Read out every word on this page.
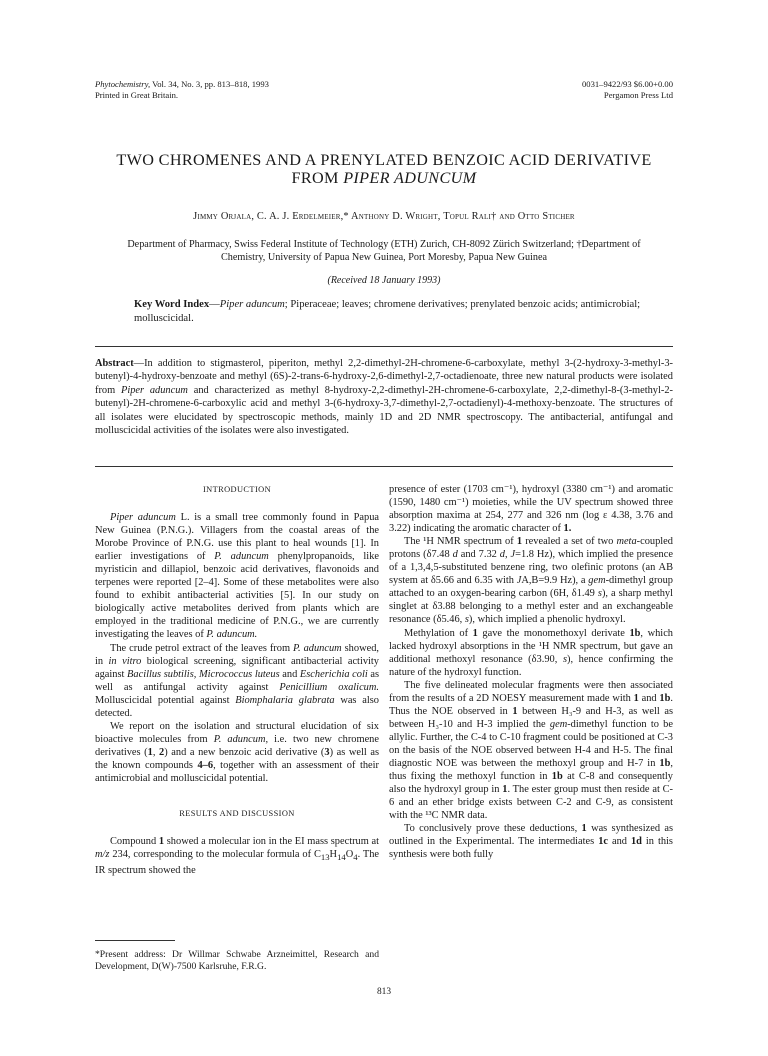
Phytochemistry, Vol. 34, No. 3, pp. 813–818, 1993
Printed in Great Britain.
0031–9422/93 $6.00+0.00
Pergamon Press Ltd
TWO CHROMENES AND A PRENYLATED BENZOIC ACID DERIVATIVE
FROM PIPER ADUNCUM
Jimmy Orjala, C. A. J. Erdelmeier,* Anthony D. Wright, Topul Rali† and Otto Sticher
Department of Pharmacy, Swiss Federal Institute of Technology (ETH) Zurich, CH-8092 Zürich Switzerland; †Department of
Chemistry, University of Papua New Guinea, Port Moresby, Papua New Guinea
(Received 18 January 1993)
Key Word Index—Piper aduncum; Piperaceae; leaves; chromene derivatives; prenylated benzoic acids; antimicrobial; molluscicidal.
Abstract—In addition to stigmasterol, piperiton, methyl 2,2-dimethyl-2H-chromene-6-carboxylate, methyl 3-(2-hydroxy-3-methyl-3-butenyl)-4-hydroxy-benzoate and methyl (6S)-2-trans-6-hydroxy-2,6-dimethyl-2,7-octadienoate, three new natural products were isolated from Piper aduncum and characterized as methyl 8-hydroxy-2,2-dimethyl-2H-chromene-6-carboxylate, 2,2-dimethyl-8-(3-methyl-2-butenyl)-2H-chromene-6-carboxylic acid and methyl 3-(6-hydroxy-3,7-dimethyl-2,7-octadienyl)-4-methoxy-benzoate. The structures of all isolates were elucidated by spectroscopic methods, mainly 1D and 2D NMR spectroscopy. The antibacterial, antifungal and molluscicidal activities of the isolates were also investigated.
INTRODUCTION

Piper aduncum L. is a small tree commonly found in Papua New Guinea (P.N.G.). Villagers from the coastal areas of the Morobe Province of P.N.G. use this plant to heal wounds [1]. In earlier investigations of P. aduncum phenylpropanoids, like myristicin and dillapiol, benzoic acid derivatives, flavonoids and terpenes were reported [2–4]. Some of these metabolites were also found to exhibit antibacterial activities [5]. In our study on biologically active metabolites derived from plants which are employed in the traditional medicine of P.N.G., we are currently investigating the leaves of P. aduncum.

The crude petrol extract of the leaves from P. aduncum showed, in in vitro biological screening, significant antibacterial activity against Bacillus subtilis, Micrococcus luteus and Escherichia coli as well as antifungal activity against Penicillium oxalicum. Molluscicidal potential against Biomphalaria glabrata was also detected.

We report on the isolation and structural elucidation of six bioactive molecules from P. aduncum, i.e. two new chromene derivatives (1, 2) and a new benzoic acid derivative (3) as well as the known compounds 4–6, together with an assessment of their antimicrobial and molluscicidal potential.

RESULTS AND DISCUSSION

Compound 1 showed a molecular ion in the EI mass spectrum at m/z 234, corresponding to the molecular formula of $C_{13}H_{14}O_4$. The IR spectrum showed the

presence of ester (1703 cm⁻¹), hydroxyl (3380 cm⁻¹) and aromatic (1590, 1480 cm⁻¹) moieties, while the UV spectrum showed three absorption maxima at 254, 277 and 326 nm (log ε 4.38, 3.76 and 3.22) indicating the aromatic character of 1.

The ¹H NMR spectrum of 1 revealed a set of two meta-coupled protons (δ7.48 d and 7.32 d, J=1.8 Hz), which implied the presence of a 1,3,4,5-substituted benzene ring, two olefinic protons (an AB system at δ5.66 and 6.35 with JA,B=9.9 Hz), a gem-dimethyl group attached to an oxygen-bearing carbon (6H, δ1.49 s), a sharp methyl singlet at δ3.88 belonging to a methyl ester and an exchangeable resonance (δ5.46, s), which implied a phenolic hydroxyl.

Methylation of 1 gave the monomethoxyl derivate 1b, which lacked hydroxyl absorptions in the ¹H NMR spectrum, but gave an additional methoxyl resonance (δ3.90, s), hence confirming the nature of the hydroxyl function.

The five delineated molecular fragments were then associated from the results of a 2D NOESY measurement made with 1 and 1b. Thus the NOE observed in 1 between H₃-9 and H-3, as well as between H₃-10 and H-3 implied the gem-dimethyl function to be allylic. Further, the C-4 to C-10 fragment could be positioned at C-3 on the basis of the NOE observed between H-4 and H-5. The final diagnostic NOE was between the methoxyl group and H-7 in 1b, thus fixing the methoxyl function in 1b at C-8 and consequently also the hydroxyl group in 1. The ester group must then reside at C-6 and an ether bridge exists between C-2 and C-9, as consistent with the ¹³C NMR data.

To conclusively prove these deductions, 1 was synthesized as outlined in the Experimental. The intermediates 1c and 1d in this synthesis were both fully

*Present address: Dr Willmar Schwabe Arzneimittel, Research and Development, D(W)-7500 Karlsruhe, F.R.G.
813
